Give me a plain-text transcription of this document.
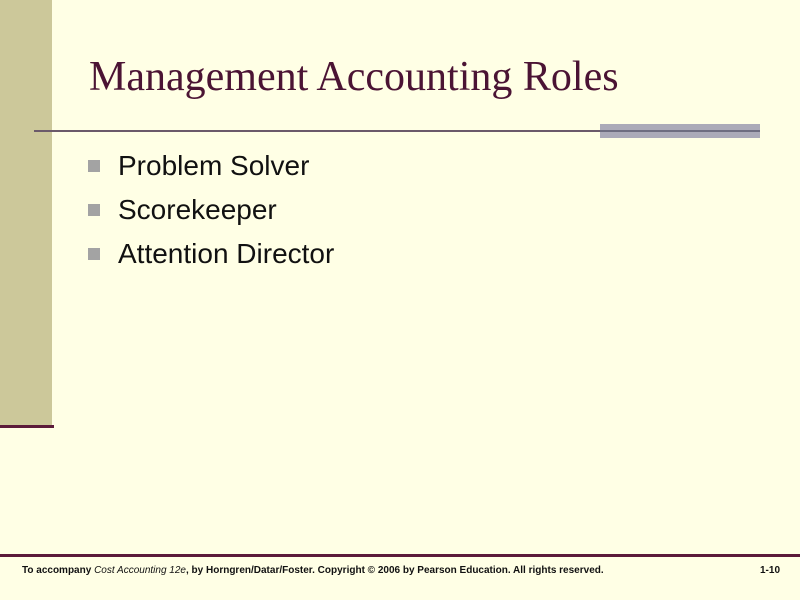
Management Accounting Roles
Problem Solver
Scorekeeper
Attention Director
To accompany Cost Accounting 12e, by Horngren/Datar/Foster. Copyright © 2006 by Pearson Education. All rights reserved.	1-10
